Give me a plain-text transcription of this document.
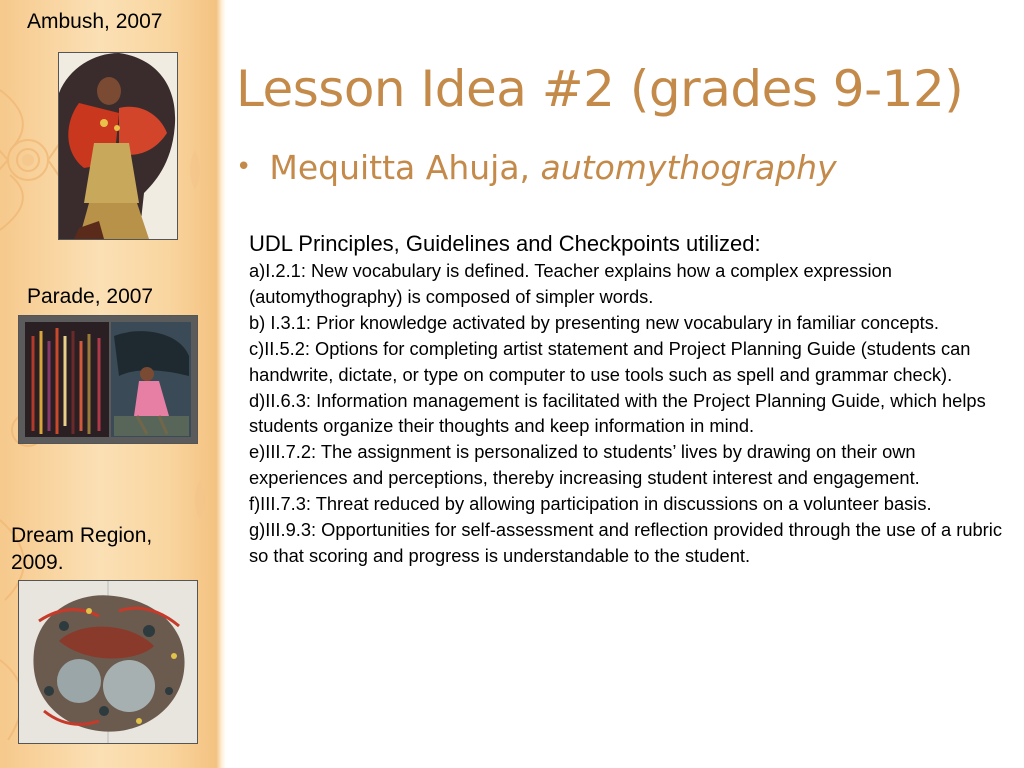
Ambush, 2007
Parade, 2007
Dream Region, 2009.
Lesson Idea #2 (grades 9-12)
• Mequitta Ahuja, automythography

UDL Principles, Guidelines and Checkpoints utilized:

a)I.2.1: New vocabulary is defined. Teacher explains how a complex expression (automythography) is composed of simpler words.

b) I.3.1: Prior knowledge activated by presenting new vocabulary in familiar concepts.

c)II.5.2: Options for completing artist statement and Project Planning Guide (students can handwrite, dictate, or type on computer to use tools such as spell and grammar check).

d)II.6.3: Information management is facilitated with the Project Planning Guide, which helps students organize their thoughts and keep information in mind.

e)III.7.2: The assignment is personalized to students’ lives by drawing on their own experiences and perceptions, thereby increasing student interest and engagement.

f)III.7.3: Threat reduced by allowing participation in discussions on a volunteer basis.

g)III.9.3: Opportunities for self-assessment and reflection provided through the use of a rubric so that scoring and progress is understandable to the student.
